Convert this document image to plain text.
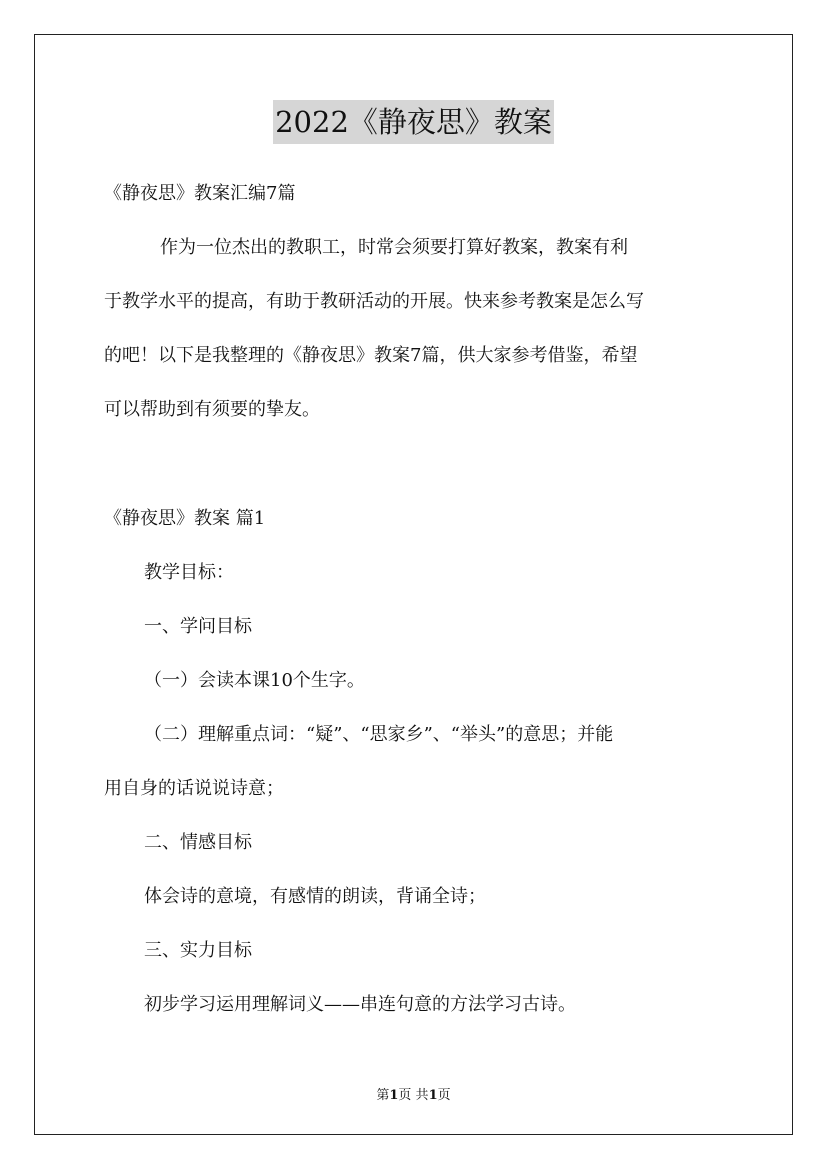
2022《静夜思》教案
《静夜思》教案汇编7篇
作为一位杰出的教职工，时常会须要打算好教案，教案有利
于教学水平的提高，有助于教研活动的开展。快来参考教案是怎么写
的吧！以下是我整理的《静夜思》教案7篇，供大家参考借鉴，希望
可以帮助到有须要的挚友。
《静夜思》教案 篇1
教学目标：
一、学问目标
（一）会读本课10个生字。
（二）理解重点词：“疑”、“思家乡”、“举头”的意思；并能
用自身的话说说诗意；
二、情感目标
体会诗的意境，有感情的朗读，背诵全诗；
三、实力目标
初步学习运用理解词义——串连句意的方法学习古诗。
第1页 共1页
